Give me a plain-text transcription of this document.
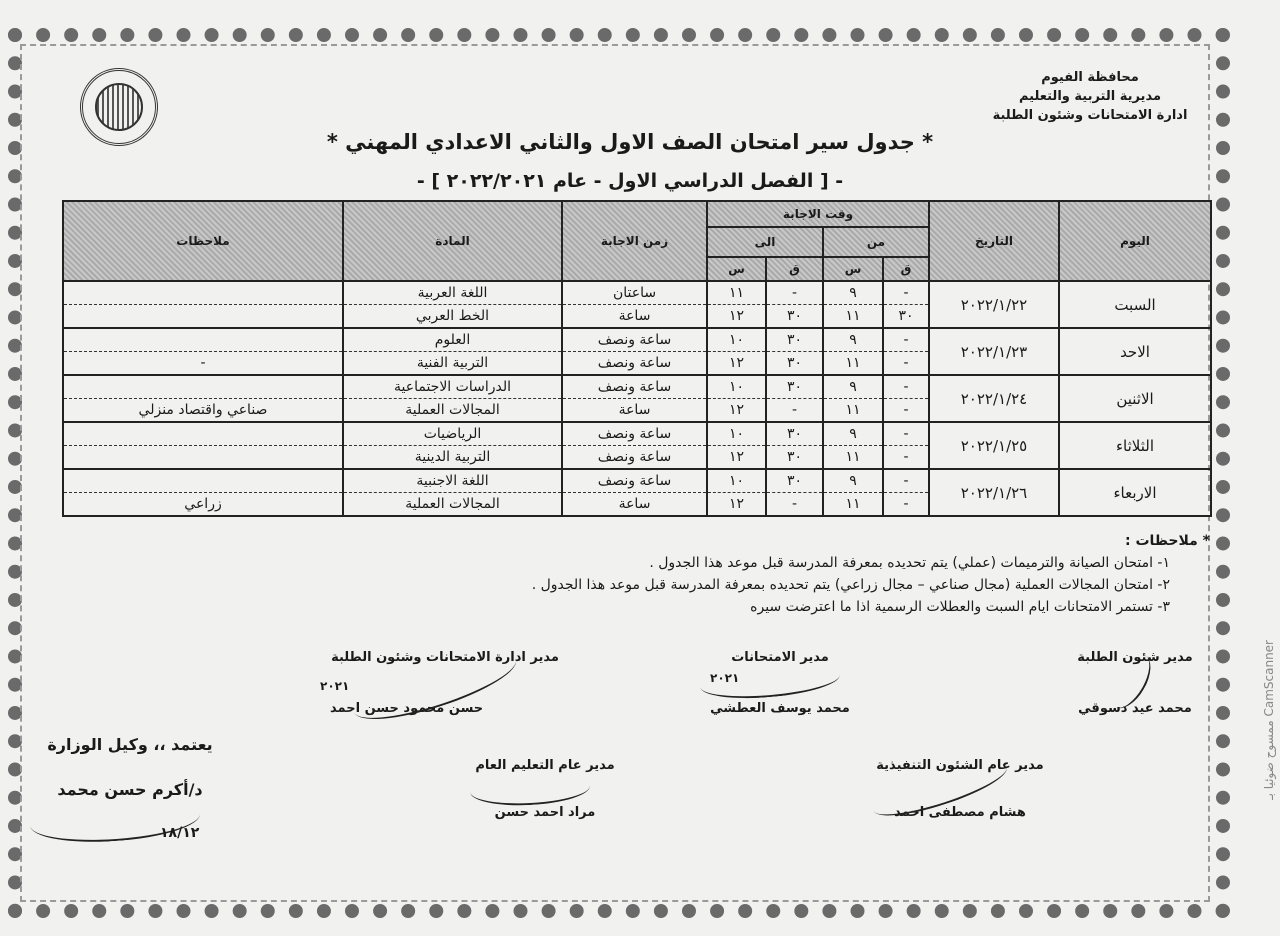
محافظة الفيوم
مديرية التربية والتعليم
ادارة الامتحانات وشئون الطلبة
* جدول سير امتحان الصف الاول والثاني الاعدادي المهني *
- [ الفصل الدراسي الاول - عام ٢٠٢٢/٢٠٢١ ] -
اليوم	التاريخ	وقت الاجابة				زمن الاجابة	المادة	ملاحظات
		من		الى				
		ق	س	ق	س			
السبت	٢٠٢٢/١/٢٢	-	٩	-	١١	ساعتان	اللغة العربية	
		٣٠	١١	٣٠	١٢	ساعة	الخط العربي	
الاحد	٢٠٢٢/١/٢٣	-	٩	٣٠	١٠	ساعة ونصف	العلوم	
		-	١١	٣٠	١٢	ساعة ونصف	التربية الفنية	-
الاثنين	٢٠٢٢/١/٢٤	-	٩	٣٠	١٠	ساعة ونصف	الدراسات الاجتماعية	
		-	١١	-	١٢	ساعة	المجالات العملية	صناعي واقتصاد منزلي
الثلاثاء	٢٠٢٢/١/٢٥	-	٩	٣٠	١٠	ساعة ونصف	الرياضيات	
		-	١١	٣٠	١٢	ساعة ونصف	التربية الدينية	
الاربعاء	٢٠٢٢/١/٢٦	-	٩	٣٠	١٠	ساعة ونصف	اللغة الاجنبية	
		-	١١	-	١٢	ساعة	المجالات العملية	زراعي
* ملاحظات :
١- امتحان الصيانة والترميمات (عملي) يتم تحديده بمعرفة المدرسة قبل موعد هذا الجدول .
٢- امتحان المجالات العملية (مجال صناعي – مجال زراعي) يتم تحديده بمعرفة المدرسة قبل موعد هذا الجدول .
٣- تستمر الامتحانات ايام السبت والعطلات الرسمية اذا ما اعترضت سيره
مدير شئون الطلبة
محمد عيد دسوقي
مدير الامتحانات
٢٠٢١
محمد يوسف العطشي
مدير ادارة الامتحانات وشئون الطلبة
٢٠٢١
حسن محمود حسن احمد
مدير عام الشئون التنفيذية
هشام مصطفى احمد
مدير عام التعليم العام
مراد احمد حسن
يعتمد ،، وكيل الوزارة
د/أكرم حسن محمد
١٨/١٢
ممسوح ضوئيا بـ CamScanner
